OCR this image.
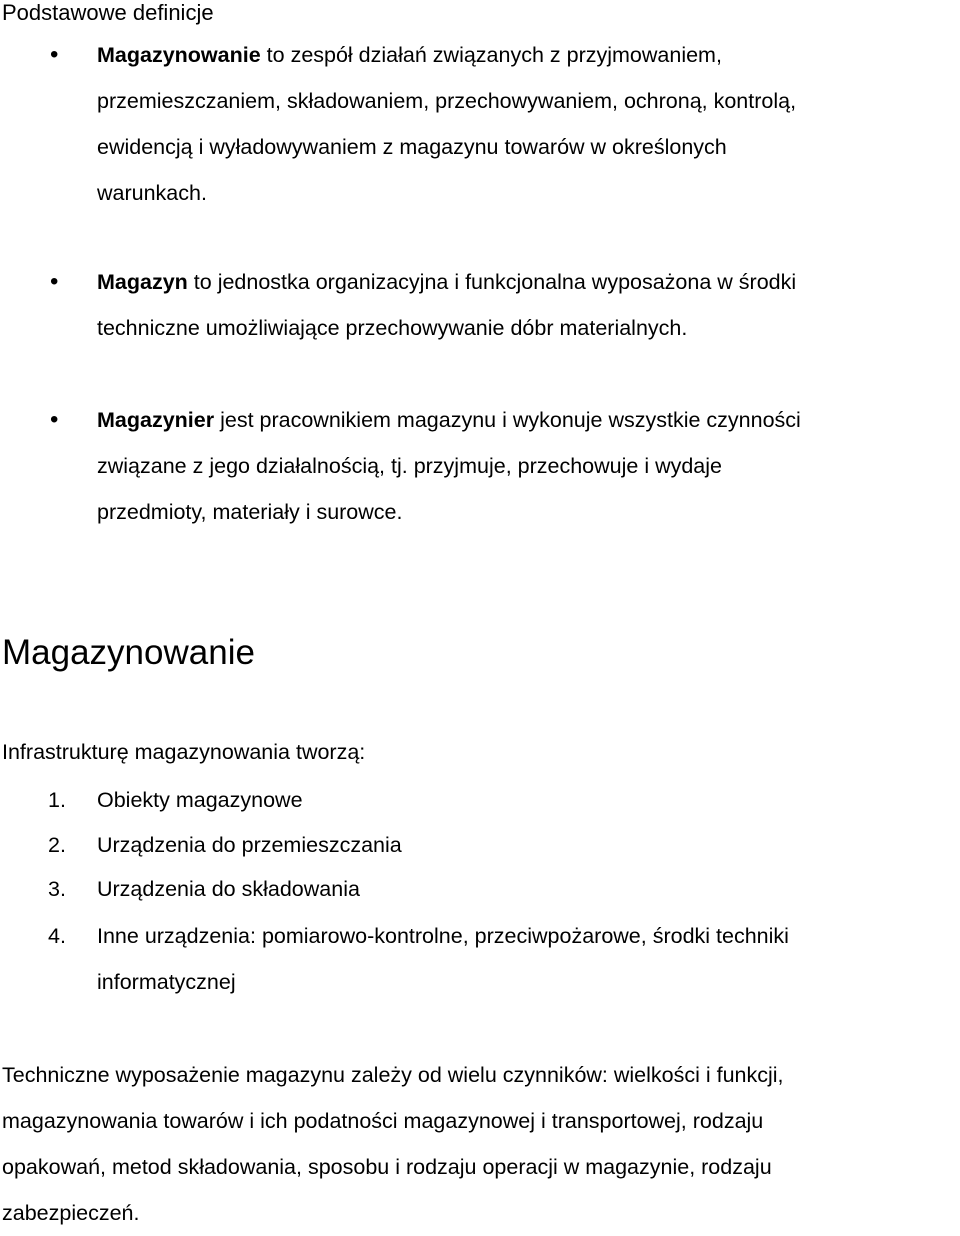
Podstawowe definicje
• Magazynowanie to zespół działań związanych z przyjmowaniem,
przemieszczaniem, składowaniem, przechowywaniem, ochroną, kontrolą,
ewidencją i wyładowywaniem z magazynu towarów w określonych
warunkach.
• Magazyn to jednostka organizacyjna i funkcjonalna wyposażona w środki
techniczne umożliwiające przechowywanie dóbr materialnych.
• Magazynier jest pracownikiem magazynu i wykonuje wszystkie czynności
związane z jego działalnością, tj. przyjmuje, przechowuje i wydaje
przedmioty, materiały i surowce.
Magazynowanie
Infrastrukturę magazynowania tworzą:
1. Obiekty magazynowe
2. Urządzenia do przemieszczania
3. Urządzenia do składowania
4. Inne urządzenia: pomiarowo-kontrolne, przeciwpożarowe, środki techniki
informatycznej
Techniczne wyposażenie magazynu zależy od wielu czynników: wielkości i funkcji,
magazynowania towarów i ich podatności magazynowej i transportowej, rodzaju
opakowań, metod składowania, sposobu i rodzaju operacji w magazynie, rodzaju
zabezpieczeń.
